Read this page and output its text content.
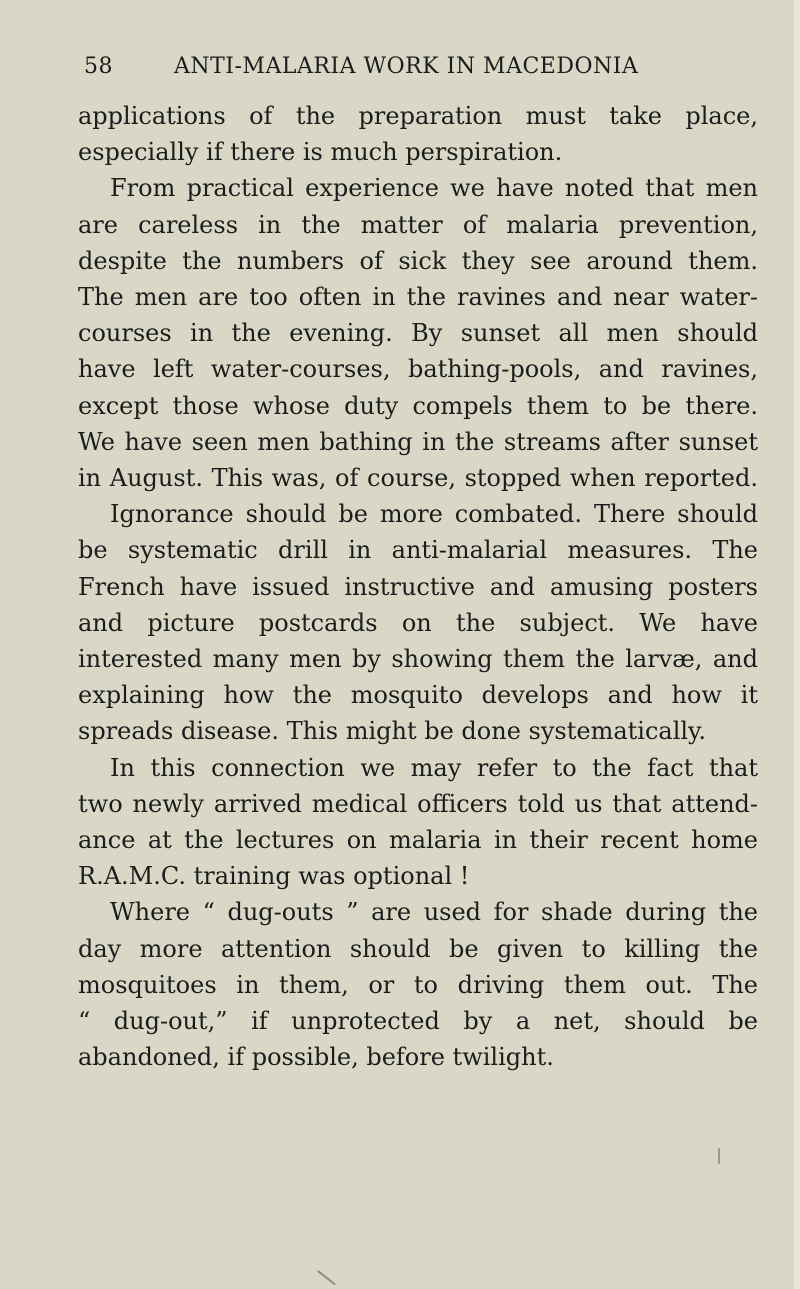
58	ANTI-MALARIA WORK IN MACEDONIA

applications of the preparation must take place,
especially if there is much perspiration.

From practical experience we have noted that men
are careless in the matter of malaria prevention,
despite the numbers of sick they see around them.
The men are too often in the ravines and near water-
courses in the evening. By sunset all men should
have left water-courses, bathing-pools, and ravines,
except those whose duty compels them to be there.
We have seen men bathing in the streams after sunset
in August. This was, of course, stopped when reported.

Ignorance should be more combated. There should
be systematic drill in anti-malarial measures. The
French have issued instructive and amusing posters
and picture postcards on the subject. We have
interested many men by showing them the larvæ, and
explaining how the mosquito develops and how it
spreads disease. This might be done systematically.

In this connection we may refer to the fact that
two newly arrived medical officers told us that attend-
ance at the lectures on malaria in their recent home
R.A.M.C. training was optional !

Where “ dug-outs ” are used for shade during the
day more attention should be given to killing the
mosquitoes in them, or to driving them out. The
“ dug-out,” if unprotected by a net, should be
abandoned, if possible, before twilight.
